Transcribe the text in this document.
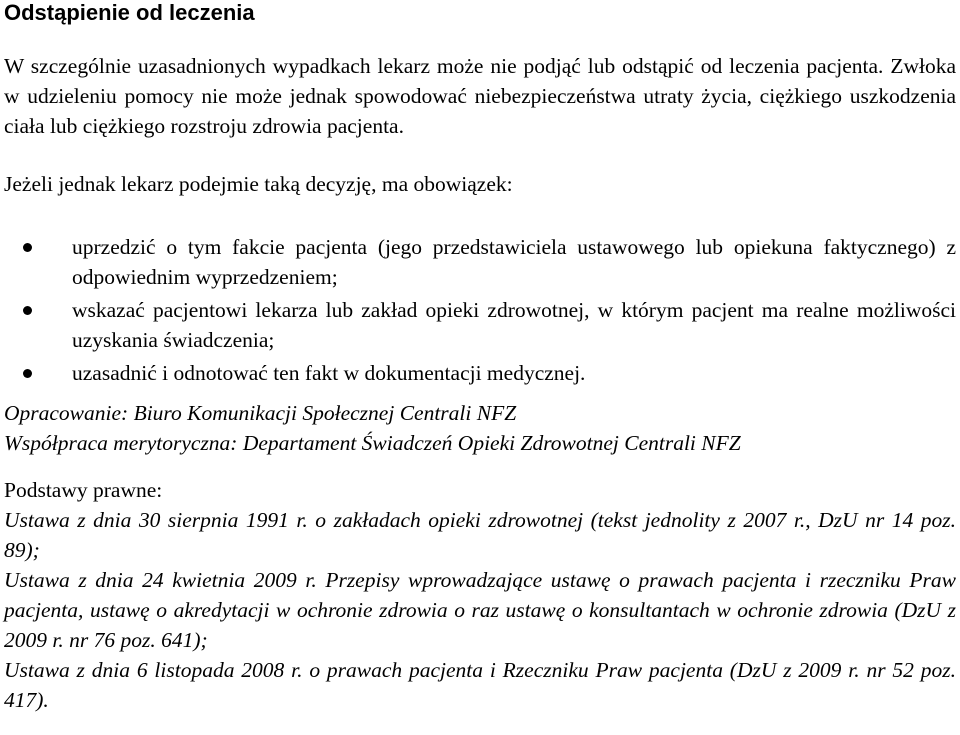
Odstąpienie od leczenia

W szczególnie uzasadnionych wypadkach lekarz może nie podjąć lub odstąpić od leczenia pacjenta. Zwłoka w udzieleniu pomocy nie może jednak spowodować niebezpieczeństwa utraty życia, ciężkiego uszkodzenia ciała lub ciężkiego rozstroju zdrowia pacjenta.

Jeżeli jednak lekarz podejmie taką decyzję, ma obowiązek:

uprzedzić o tym fakcie pacjenta (jego przedstawiciela ustawowego lub opiekuna faktycznego) z odpowiednim wyprzedzeniem;
wskazać pacjentowi lekarza lub zakład opieki zdrowotnej, w którym pacjent ma realne możliwości uzyskania świadczenia;
uzasadnić i odnotować ten fakt w dokumentacji medycznej.

Opracowanie: Biuro Komunikacji Społecznej Centrali NFZ

Współpraca merytoryczna: Departament Świadczeń Opieki Zdrowotnej Centrali NFZ

Podstawy prawne:

Ustawa z dnia 30 sierpnia 1991 r. o zakładach opieki zdrowotnej (tekst jednolity z 2007 r., DzU nr 14 poz. 89);

Ustawa z dnia 24 kwietnia 2009 r. Przepisy wprowadzające ustawę o prawach pacjenta i rzeczniku Praw pacjenta, ustawę o akredytacji w ochronie zdrowia o raz ustawę o konsultantach w ochronie zdrowia (DzU z 2009 r. nr 76 poz. 641);

Ustawa z dnia 6 listopada 2008 r. o prawach pacjenta i Rzeczniku Praw pacjenta (DzU z 2009 r. nr 52 poz. 417).
